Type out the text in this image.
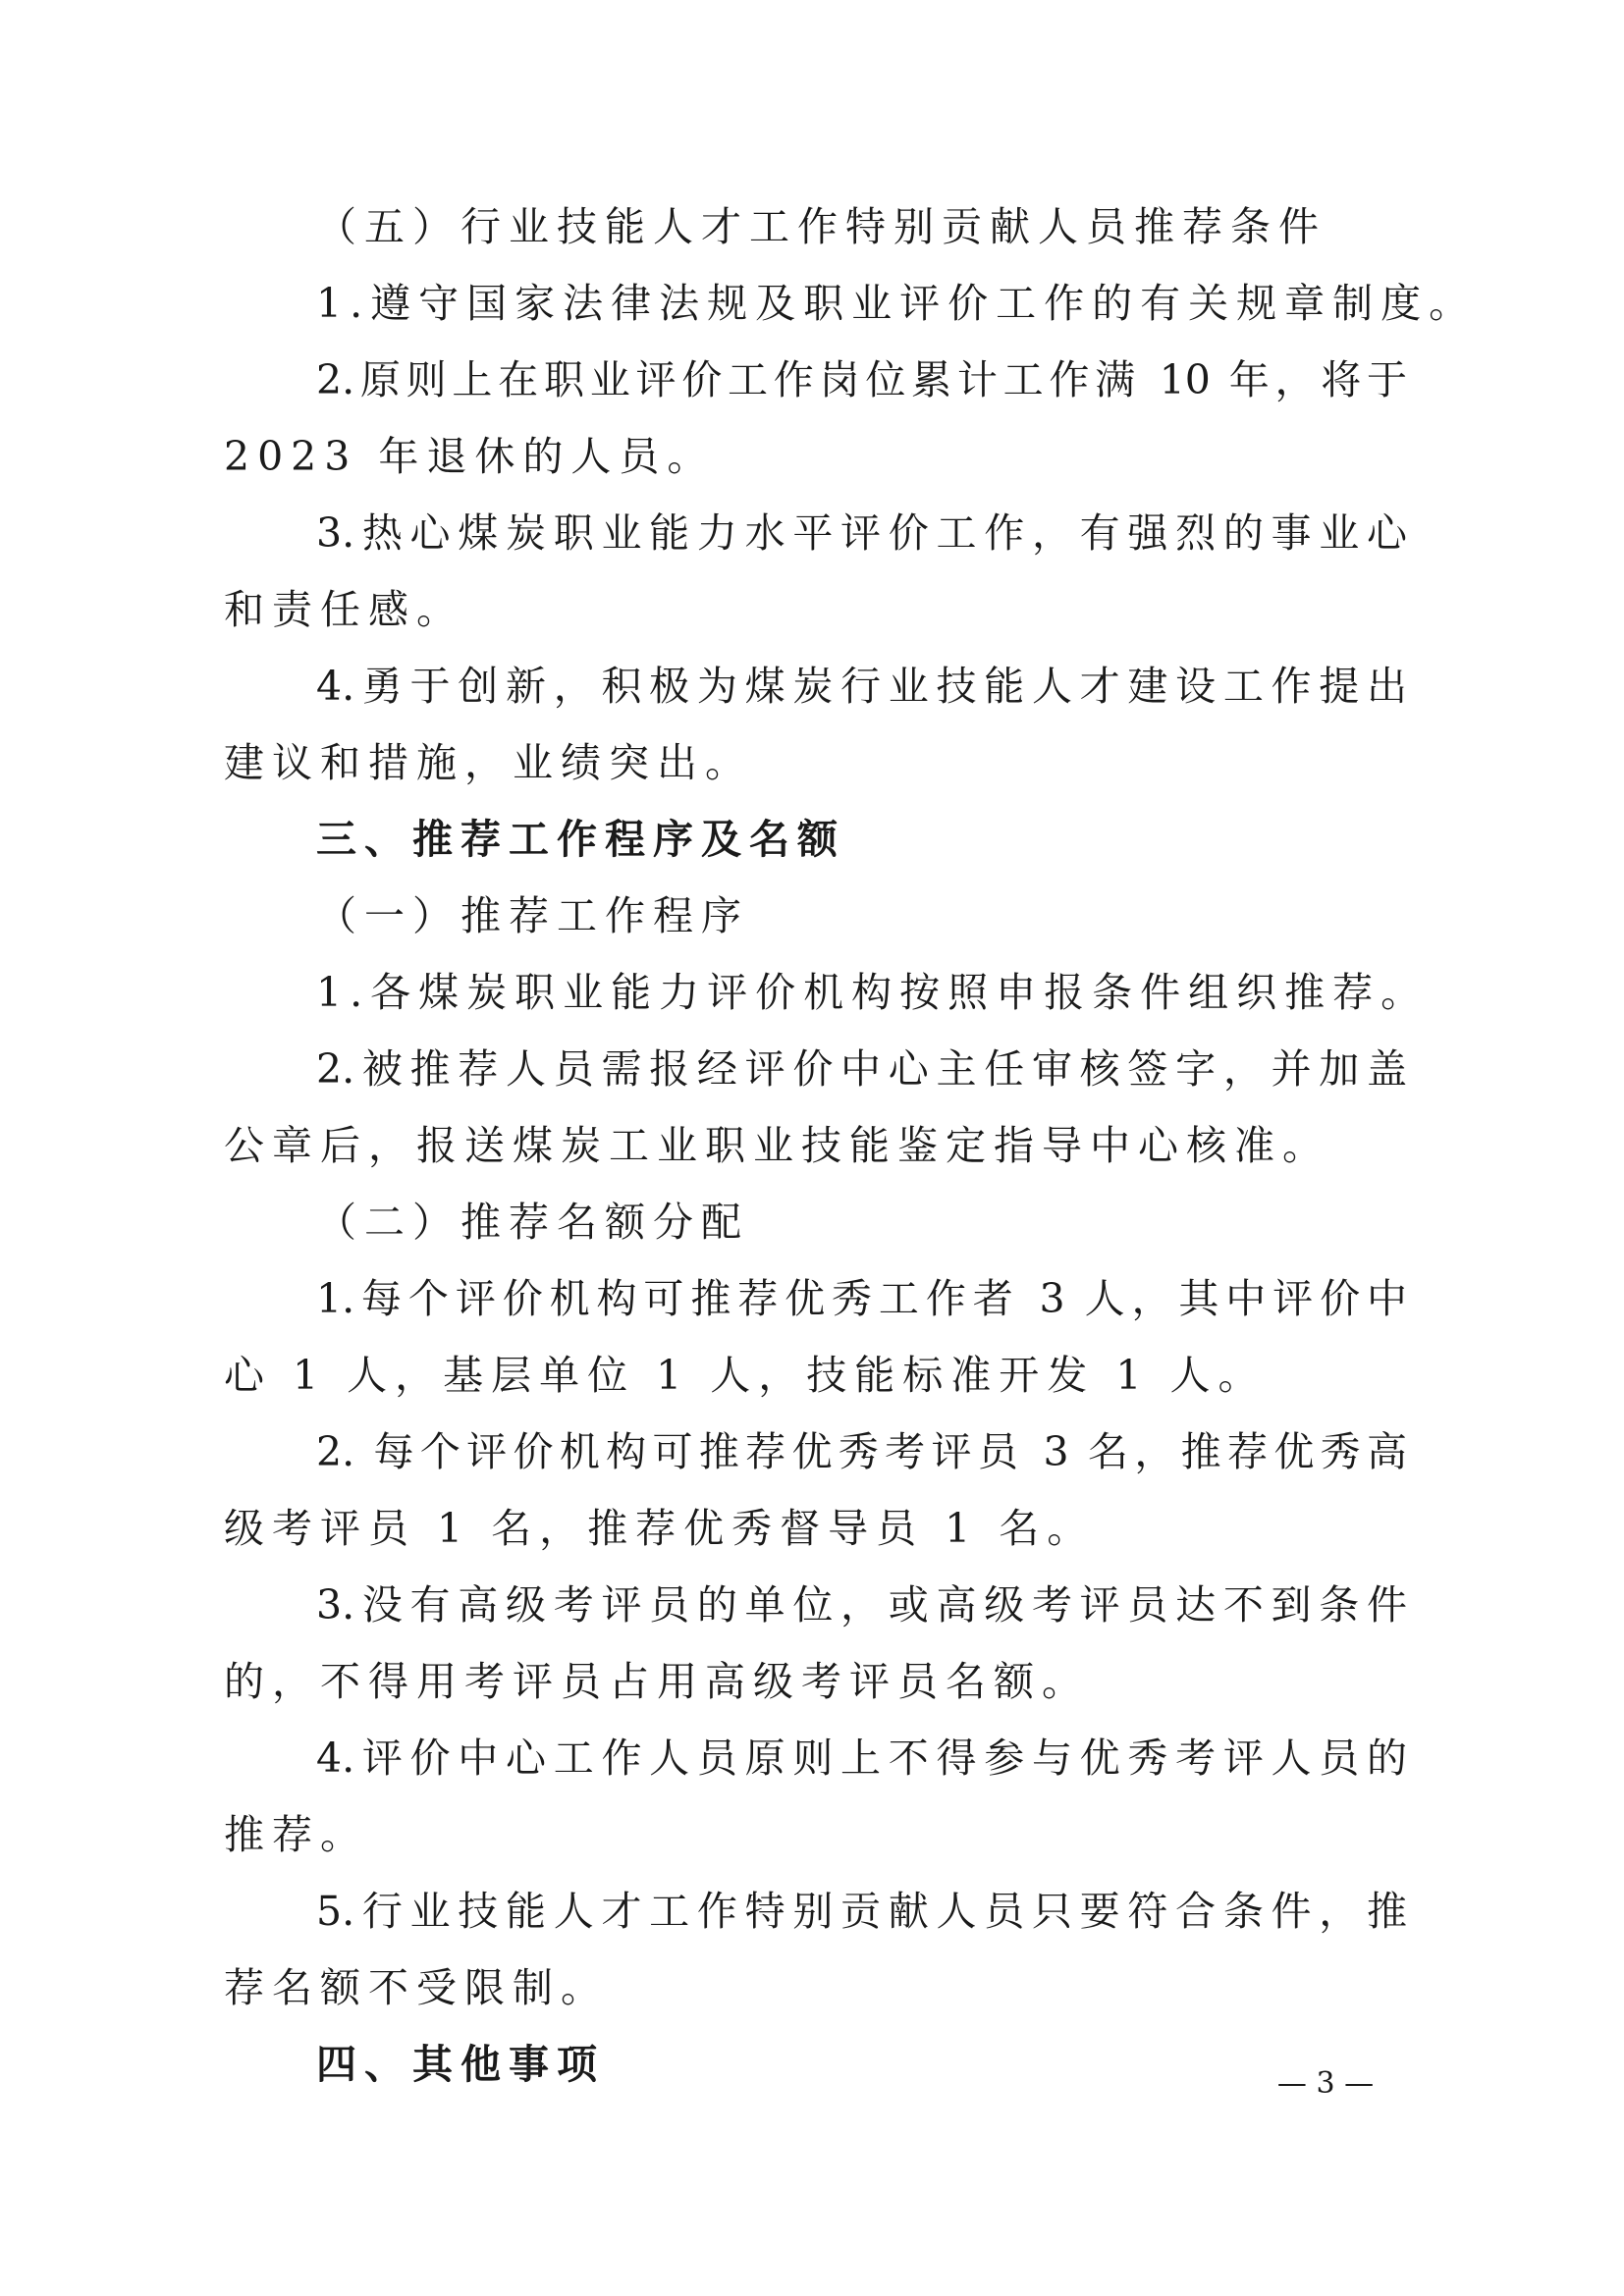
（五）行业技能人才工作特别贡献人员推荐条件
1.遵守国家法律法规及职业评价工作的有关规章制度。
2.原则上在职业评价工作岗位累计工作满 10 年，将于
2023 年退休的人员。
3.热心煤炭职业能力水平评价工作，有强烈的事业心
和责任感。
4.勇于创新，积极为煤炭行业技能人才建设工作提出
建议和措施，业绩突出。
三、推荐工作程序及名额
（一）推荐工作程序
1.各煤炭职业能力评价机构按照申报条件组织推荐。
2.被推荐人员需报经评价中心主任审核签字，并加盖
公章后，报送煤炭工业职业技能鉴定指导中心核准。
（二）推荐名额分配
1.每个评价机构可推荐优秀工作者 3 人，其中评价中
心 1 人，基层单位 1 人，技能标准开发 1 人。
2. 每个评价机构可推荐优秀考评员 3 名，推荐优秀高
级考评员 1 名，推荐优秀督导员 1 名。
3.没有高级考评员的单位，或高级考评员达不到条件
的，不得用考评员占用高级考评员名额。
4.评价中心工作人员原则上不得参与优秀考评人员的
推荐。
5.行业技能人才工作特别贡献人员只要符合条件，推
荐名额不受限制。
四、其他事项	— 3 —
